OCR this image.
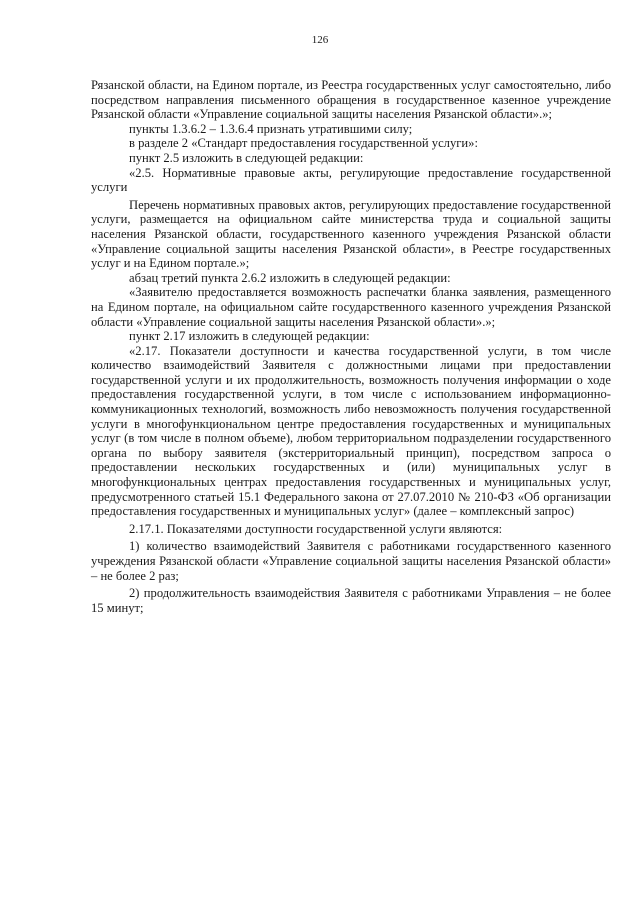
126

Рязанской области, на Едином портале, из Реестра государственных услуг самостоятельно, либо посредством направления письменного обращения в государственное казенное учреждение Рязанской области «Управление социальной защиты населения Рязанской области».»;

пункты 1.3.6.2 – 1.3.6.4 признать утратившими силу;

в разделе 2 «Стандарт предоставления государственной услуги»:

пункт 2.5 изложить в следующей редакции:

«2.5. Нормативные правовые акты, регулирующие предоставление государственной услуги

Перечень нормативных правовых актов, регулирующих предоставление государственной услуги, размещается на официальном сайте министерства труда и социальной защиты населения Рязанской области, государственного казенного учреждения Рязанской области «Управление социальной защиты населения Рязанской области», в Реестре государственных услуг и на Едином портале.»;

абзац третий пункта 2.6.2 изложить в следующей редакции:

«Заявителю предоставляется возможность распечатки бланка заявления, размещенного на Едином портале, на официальном сайте государственного казенного учреждения Рязанской области «Управление социальной защиты населения Рязанской области».»;

пункт 2.17 изложить в следующей редакции:

«2.17. Показатели доступности и качества государственной услуги, в том числе количество взаимодействий Заявителя с должностными лицами при предоставлении государственной услуги и их продолжительность, возможность получения информации о ходе предоставления государственной услуги, в том числе с использованием информационно-коммуникационных технологий, возможность либо невозможность получения государственной услуги в многофункциональном центре предоставления государственных и муниципальных услуг (в том числе в полном объеме), любом территориальном подразделении государственного органа по выбору заявителя (экстерриториальный принцип), посредством запроса о предоставлении нескольких государственных и (или) муниципальных услуг в многофункциональных центрах предоставления государственных и муниципальных услуг, предусмотренного статьей 15.1 Федерального закона от 27.07.2010 № 210-ФЗ «Об организации предоставления государственных и муниципальных услуг» (далее – комплексный запрос)

2.17.1. Показателями доступности государственной услуги являются:

1) количество взаимодействий Заявителя с работниками государственного казенного учреждения Рязанской области «Управление социальной защиты населения Рязанской области» – не более 2 раз;

2) продолжительность взаимодействия Заявителя с работниками Управления – не более 15 минут;
